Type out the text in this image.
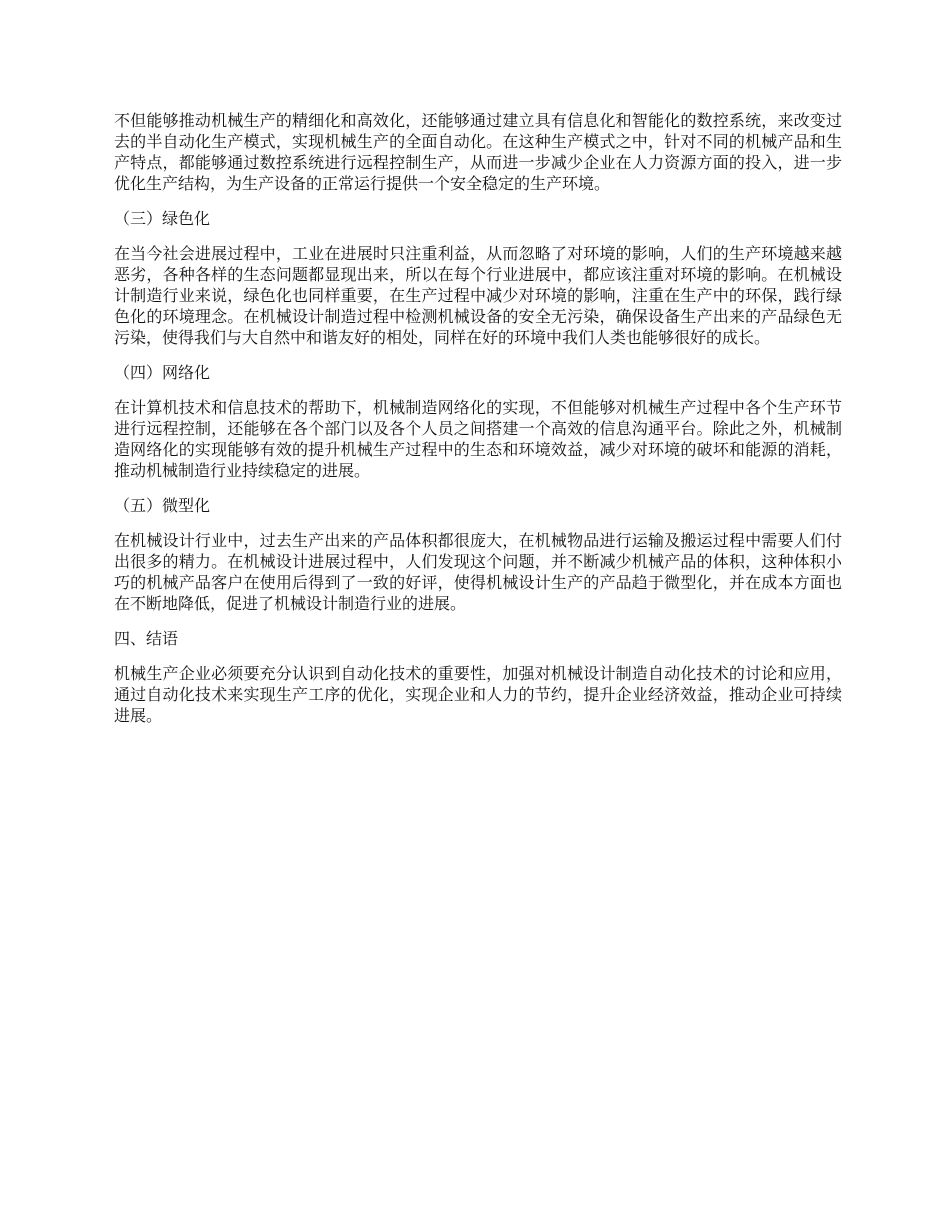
不但能够推动机械生产的精细化和高效化，还能够通过建立具有信息化和智能化的数控系统，来改变过去的半自动化生产模式，实现机械生产的全面自动化。在这种生产模式之中，针对不同的机械产品和生产特点，都能够通过数控系统进行远程控制生产，从而进一步减少企业在人力资源方面的投入，进一步优化生产结构，为生产设备的正常运行提供一个安全稳定的生产环境。

（三）绿色化

在当今社会进展过程中，工业在进展时只注重利益，从而忽略了对环境的影响，人们的生产环境越来越恶劣，各种各样的生态问题都显现出来，所以在每个行业进展中，都应该注重对环境的影响。在机械设计制造行业来说，绿色化也同样重要，在生产过程中减少对环境的影响，注重在生产中的环保，践行绿色化的环境理念。在机械设计制造过程中检测机械设备的安全无污染，确保设备生产出来的产品绿色无污染，使得我们与大自然中和谐友好的相处，同样在好的环境中我们人类也能够很好的成长。

（四）网络化

在计算机技术和信息技术的帮助下，机械制造网络化的实现，不但能够对机械生产过程中各个生产环节进行远程控制，还能够在各个部门以及各个人员之间搭建一个高效的信息沟通平台。除此之外，机械制造网络化的实现能够有效的提升机械生产过程中的生态和环境效益，减少对环境的破坏和能源的消耗，推动机械制造行业持续稳定的进展。

（五）微型化

在机械设计行业中，过去生产出来的产品体积都很庞大，在机械物品进行运输及搬运过程中需要人们付出很多的精力。在机械设计进展过程中，人们发现这个问题，并不断减少机械产品的体积，这种体积小巧的机械产品客户在使用后得到了一致的好评，使得机械设计生产的产品趋于微型化，并在成本方面也在不断地降低，促进了机械设计制造行业的进展。

四、结语

机械生产企业必须要充分认识到自动化技术的重要性，加强对机械设计制造自动化技术的讨论和应用，通过自动化技术来实现生产工序的优化，实现企业和人力的节约，提升企业经济效益，推动企业可持续进展。
